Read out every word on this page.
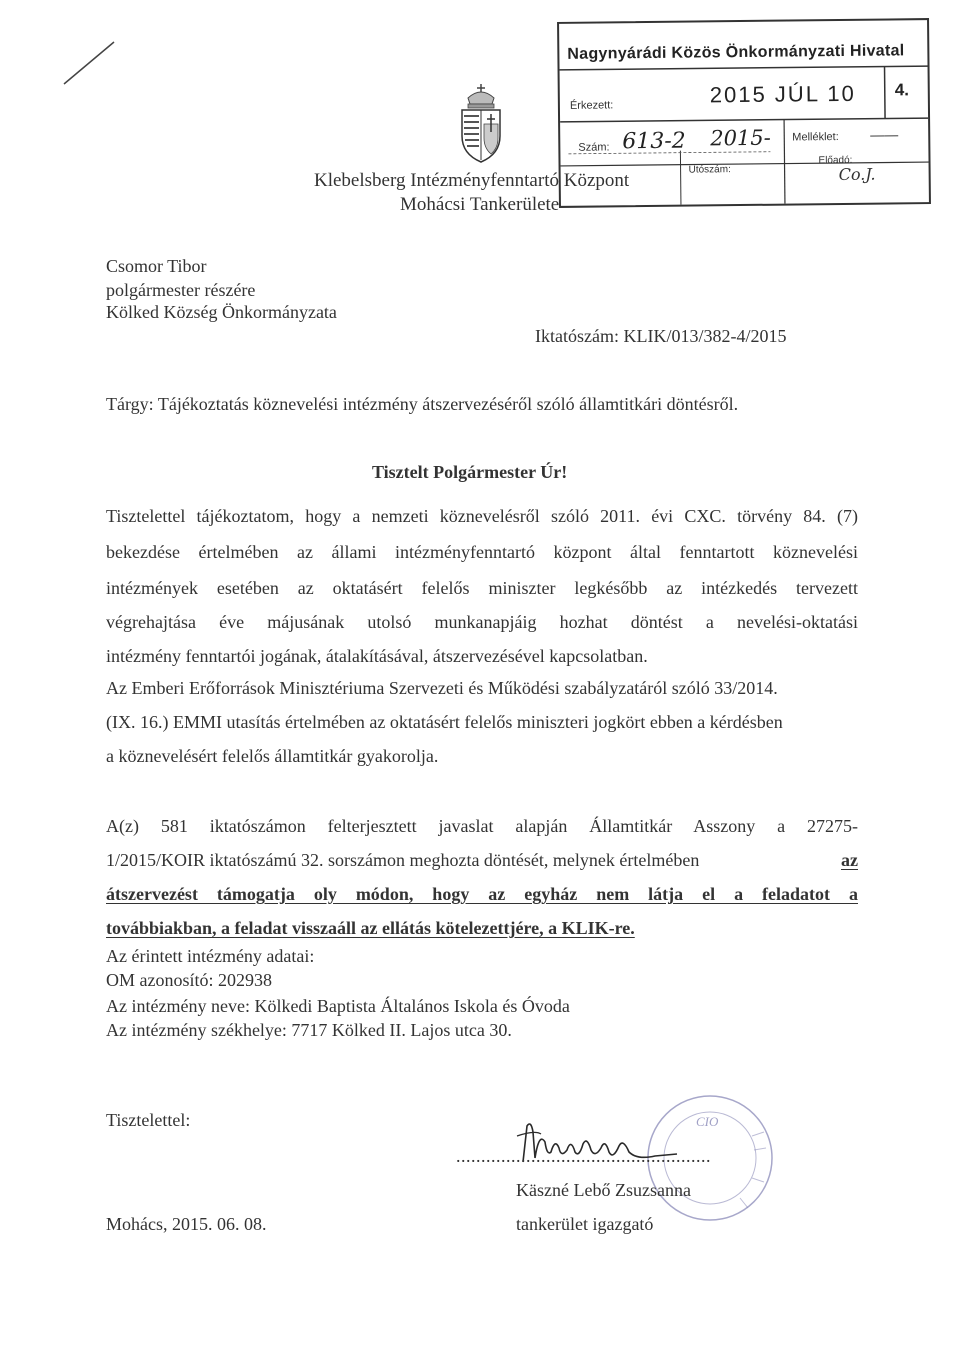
Klebelsberg Intézményfenntartó Központ
Mohácsi Tankerülete
Nagynyárádi Közös Önkormányzati Hivatal
Érkezett:	2015 JÚL 10 4.
Szám: 613-2 2015- Melléklet: ——
Utószám:
Előadó:
Co.J.
Csomor Tibor
polgármester részére
Kölked Község Önkormányzata
Iktatószám: KLIK/013/382-4/2015
Tárgy: Tájékoztatás köznevelési intézmény átszervezéséről szóló államtitkári döntésről.
Tisztelt Polgármester Úr!
Tisztelettel tájékoztatom, hogy a nemzeti köznevelésről szóló 2011. évi CXC. törvény 84. (7)
bekezdése értelmében az állami intézményfenntartó központ által fenntartott köznevelési
intézmények esetében az oktatásért felelős miniszter legkésőbb az intézkedés tervezett
végrehajtása éve májusának utolsó munkanapjáig hozhat döntést a nevelési-oktatási
intézmény fenntartói jogának, átalakításával, átszervezésével kapcsolatban.
Az Emberi Erőforrások Minisztériuma Szervezeti és Működési szabályzatáról szóló 33/2014.
(IX. 16.) EMMI utasítás értelmében az oktatásért felelős miniszteri jogkört ebben a kérdésben
a köznevelésért felelős államtitkár gyakorolja.
A(z) 581 iktatószámon felterjesztett javaslat alapján Államtitkár Asszony a 27275-
1/2015/KOIR iktatószámú 32. sorszámon meghozta döntését, melynek értelmében	az
átszervezést támogatja oly módon, hogy az egyház nem látja el a feladatot a
továbbiakban, a feladat visszaáll az ellátás kötelezettjére, a KLIK-re.
Az érintett intézmény adatai:
OM azonosító: 202938
Az intézmény neve: Kölkedi Baptista Általános Iskola és Óvoda
Az intézmény székhelye: 7717 Kölked II. Lajos utca 30.
Tisztelettel:	CIO
...................................................
Käszné Lebő Zsuzsanna
tankerület igazgató
Mohács, 2015. 06. 08.
